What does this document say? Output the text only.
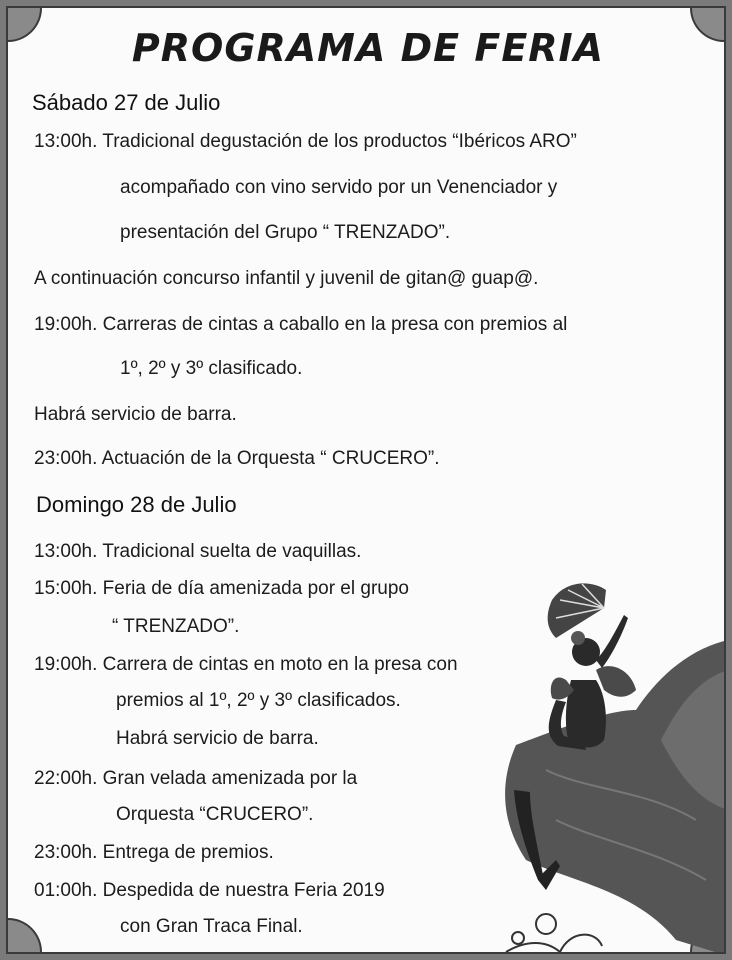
PROGRAMA DE FERIA
Sábado 27 de Julio
13:00h. Tradicional degustación de los productos “Ibéricos ARO”
acompañado con vino servido por un Venenciador y
presentación del Grupo “ TRENZADO”.
A continuación concurso infantil y juvenil de gitan@ guap@.
19:00h. Carreras de cintas a caballo en la presa con premios al
1º, 2º y 3º clasificado.
Habrá servicio de barra.
23:00h. Actuación de la Orquesta “ CRUCERO”.
Domingo 28 de Julio
13:00h. Tradicional suelta de vaquillas.
15:00h. Feria de día amenizada por el grupo
“ TRENZADO”.
19:00h. Carrera de cintas en moto en la presa con
premios al 1º, 2º y 3º clasificados.
Habrá servicio de barra.
22:00h. Gran velada amenizada por la
Orquesta “CRUCERO”.
23:00h. Entrega de premios.
01:00h. Despedida de nuestra Feria 2019
con Gran Traca Final.
